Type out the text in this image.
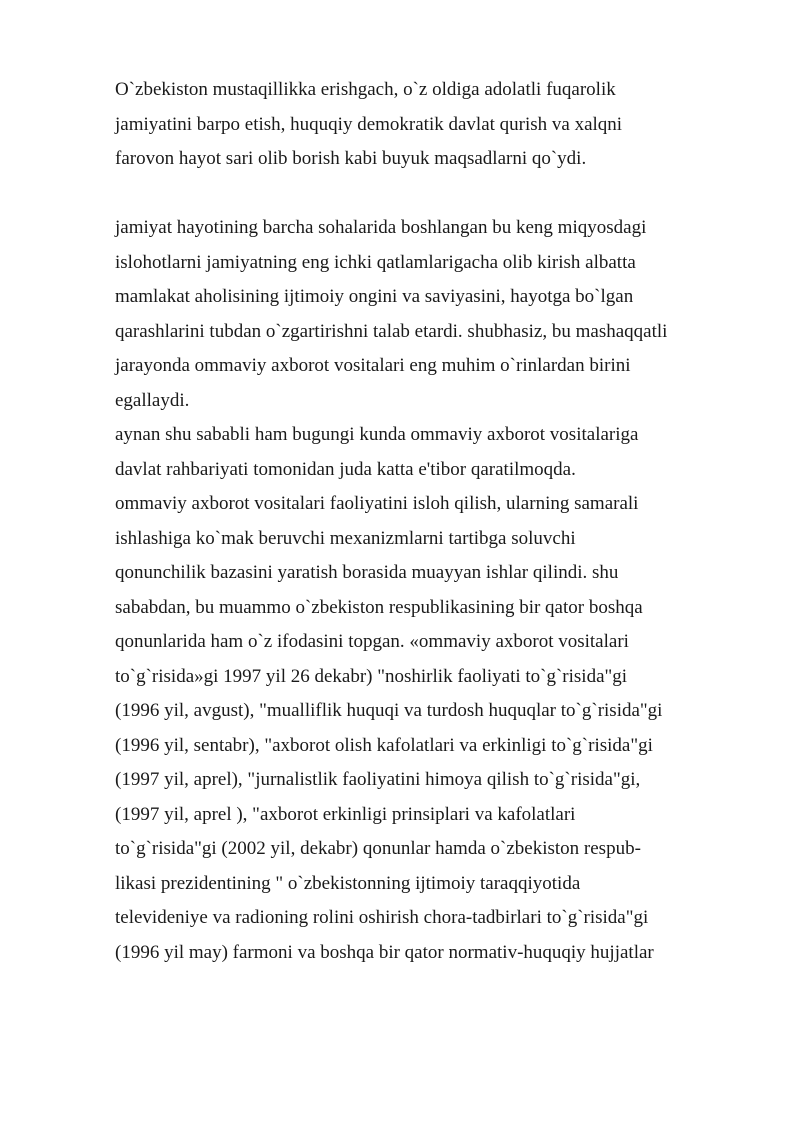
O`zbekiston mustaqillikka erishgach, o`z oldiga adolatli fuqarolik
jamiyatini barpo etish, huquqiy demokratik davlat qurish va xalqni
farovon hayot sari olib borish kabi buyuk maqsadlarni qo`ydi.
jamiyat hayotining barcha sohalarida boshlangan bu keng miqyosdagi
islohotlarni jamiyatning eng ichki qatlamlarigacha olib kirish albatta
mamlakat aholisining ijtimoiy ongini va saviyasini, hayotga bo`lgan
qarashlarini tubdan o`zgartirishni talab etardi. shubhasiz, bu mashaqqatli
jarayonda ommaviy axborot vositalari eng muhim o`rinlardan birini
egallaydi.
aynan shu sababli ham bugungi kunda ommaviy axborot vositalariga
davlat rahbariyati tomonidan juda katta e'tibor qaratilmoqda.
ommaviy axborot vositalari faoliyatini isloh qilish, ularning samarali
ishlashiga ko`mak beruvchi mexanizmlarni tartibga soluvchi
qonunchilik bazasini yaratish borasida muayyan ishlar qilindi. shu
sababdan, bu muammo o`zbekiston respublikasining bir qator boshqa
qonunlarida ham o`z ifodasini topgan. «ommaviy axborot vositalari
to`g`risida»gi 1997 yil 26 dekabr) "noshirlik faoliyati to`g`risida"gi
(1996 yil, avgust), "mualliflik huquqi va turdosh huquqlar to`g`risida"gi
(1996 yil, sentabr), "axborot olish kafolatlari va erkinligi to`g`risida"gi
(1997 yil, aprel), "jurnalistlik faoliyatini himoya qilish to`g`risida"gi,
(1997 yil, aprel ), "axborot erkinligi prinsiplari va kafolatlari
to`g`risida"gi (2002 yil, dekabr) qonunlar hamda o`zbekiston respub-
likasi prezidentining " o`zbekistonning ijtimoiy taraqqiyotida
televideniye va radioning rolini oshirish chora-tadbirlari to`g`risida"gi
(1996 yil may) farmoni va boshqa bir qator normativ-huquqiy hujjatlar
